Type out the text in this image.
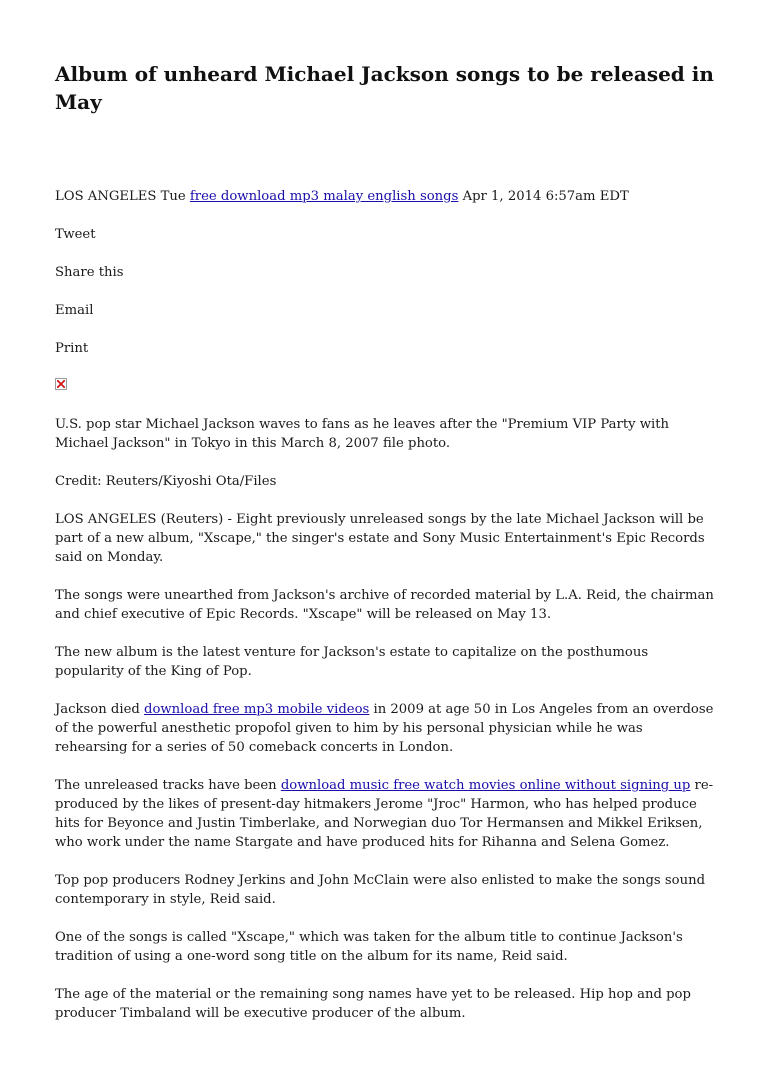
Album of unheard Michael Jackson songs to be released in May

LOS ANGELES Tue free download mp3 malay english songs Apr 1, 2014 6:57am EDT

Tweet

Share this

Email

Print

U.S. pop star Michael Jackson waves to fans as he leaves after the "Premium VIP Party with Michael Jackson" in Tokyo in this March 8, 2007 file photo.

Credit: Reuters/Kiyoshi Ota/Files

LOS ANGELES (Reuters) - Eight previously unreleased songs by the late Michael Jackson will be part of a new album, "Xscape," the singer's estate and Sony Music Entertainment's Epic Records said on Monday.

The songs were unearthed from Jackson's archive of recorded material by L.A. Reid, the chairman and chief executive of Epic Records. "Xscape" will be released on May 13.

The new album is the latest venture for Jackson's estate to capitalize on the posthumous popularity of the King of Pop.

Jackson died download free mp3 mobile videos in 2009 at age 50 in Los Angeles from an overdose of the powerful anesthetic propofol given to him by his personal physician while he was rehearsing for a series of 50 comeback concerts in London.

The unreleased tracks have been download music free watch movies online without signing up re-produced by the likes of present-day hitmakers Jerome "Jroc" Harmon, who has helped produce hits for Beyonce and Justin Timberlake, and Norwegian duo Tor Hermansen and Mikkel Eriksen, who work under the name Stargate and have produced hits for Rihanna and Selena Gomez.

Top pop producers Rodney Jerkins and John McClain were also enlisted to make the songs sound contemporary in style, Reid said.

One of the songs is called "Xscape," which was taken for the album title to continue Jackson's tradition of using a one-word song title on the album for its name, Reid said.

The age of the material or the remaining song names have yet to be released. Hip hop and pop producer Timbaland will be executive producer of the album.
